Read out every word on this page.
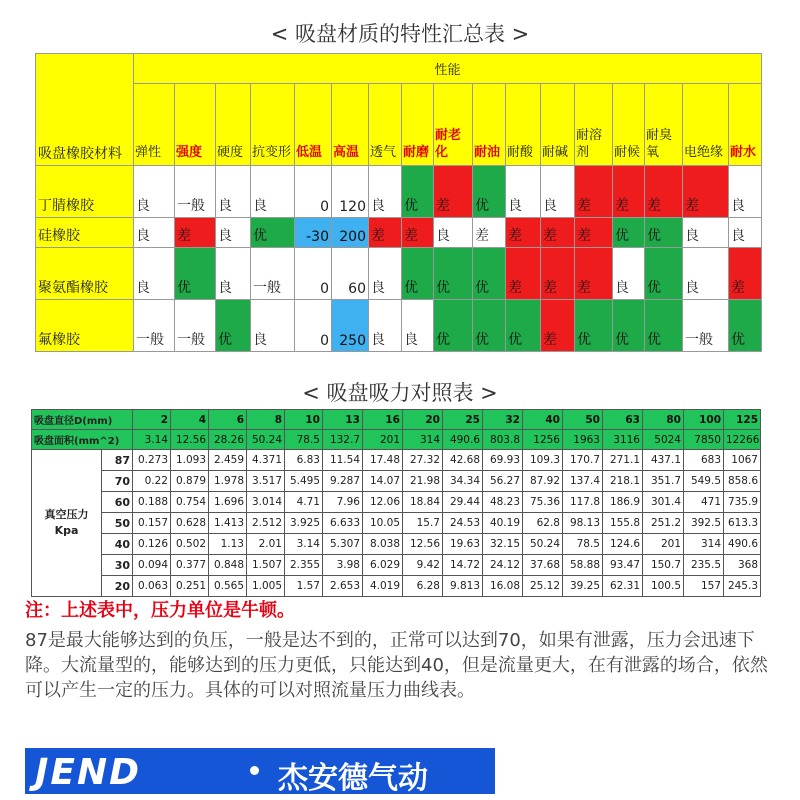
< 吸盘材质的特性汇总表 >
吸盘橡胶材料	性能																
	弹性	强度	硬度	抗变形	低温	高温	透气	耐磨	耐老化	耐油	耐酸	耐碱	耐溶剂	耐候	耐臭氧	电绝缘	耐水
丁腈橡胶	良	一般	良	良	0	120	良	优	差	优	良	良	差	差	差	差	良
硅橡胶	良	差	良	优	-30	200	差	差	良	差	差	差	差	优	优	良	良
聚氨酯橡胶	良	优	良	一般	0	60	良	优	优	优	差	差	差	良	优	良	差
氟橡胶	一般	一般	优	良	0	250	良	良	优	优	优	差	优	优	优	一般	优
< 吸盘吸力对照表 >
吸盘直径D(mm)		2	4	6	8	10	13	16	20	25	32	40	50	63	80	100	125
吸盘面积(mm^2)		3.14	12.56	28.26	50.24	78.5	132.7	201	314	490.6	803.8	1256	1963	3116	5024	7850	12266

真空压力
Kpa	87	0.273	1.093	2.459	4.371	6.83	11.54	17.48	27.32	42.68	69.93	109.3	170.7	271.1	437.1	683	1067
	70	0.22	0.879	1.978	3.517	5.495	9.287	14.07	21.98	34.34	56.27	87.92	137.4	218.1	351.7	549.5	858.6
	60	0.188	0.754	1.696	3.014	4.71	7.96	12.06	18.84	29.44	48.23	75.36	117.8	186.9	301.4	471	735.9
	50	0.157	0.628	1.413	2.512	3.925	6.633	10.05	15.7	24.53	40.19	62.8	98.13	155.8	251.2	392.5	613.3
	40	0.126	0.502	1.13	2.01	3.14	5.307	8.038	12.56	19.63	32.15	50.24	78.5	124.6	201	314	490.6
	30	0.094	0.377	0.848	1.507	2.355	3.98	6.029	9.42	14.72	24.12	37.68	58.88	93.47	150.7	235.5	368
	20	0.063	0.251	0.565	1.005	1.57	2.653	4.019	6.28	9.813	16.08	25.12	39.25	62.31	100.5	157	245.3
注：上述表中，压力单位是牛顿。
87是最大能够达到的负压，一般是达不到的，正常可以达到70，如果有泄露，压力会迅速下降。大流量型的，能够达到的压力更低，只能达到40，但是流量更大，在有泄露的场合，依然可以产生一定的压力。具体的可以对照流量压力曲线表。
JEND	杰安德气动
